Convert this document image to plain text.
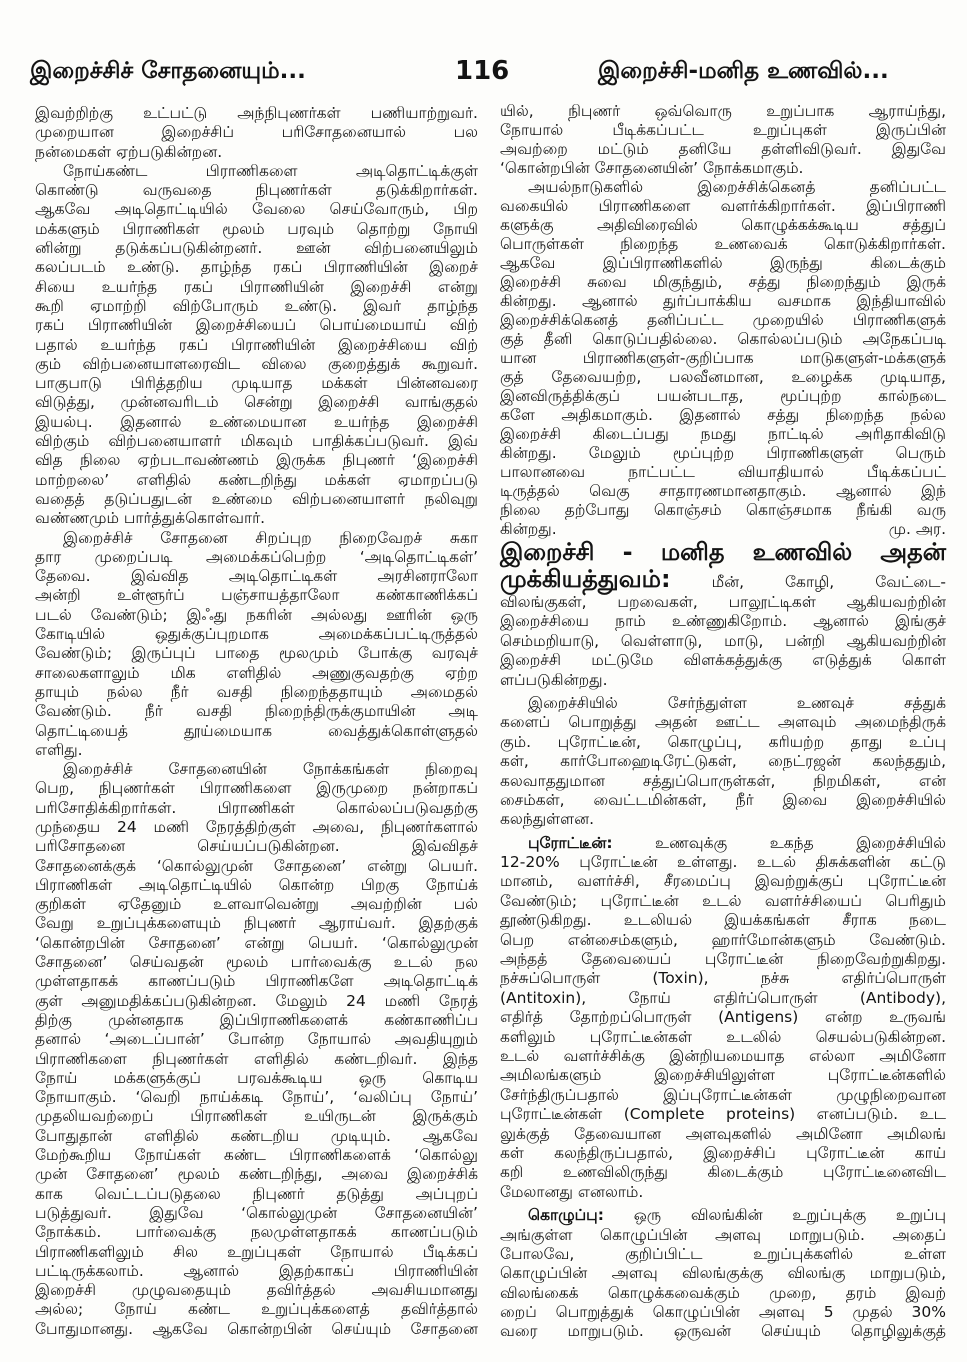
இறைச்சிச் சோதனையும்...	116	இறைச்சி-மனித உணவில்...
இவற்றிற்கு உட்பட்டு அந்நிபுணர்கள் பணியாற்றுவர்.
முறையான இறைச்சிப் பரிசோதனையால் பல
நன்மைகள் ஏற்படுகின்றன.
நோய்கண்ட பிராணிகளை அடிதொட்டிக்குள்
கொண்டு வருவதை நிபுணர்கள் தடுக்கிறார்கள்.
ஆகவே அடிதொட்டியில் வேலை செய்வோரும், பிற
மக்களும் பிராணிகள் மூலம் பரவும் தொற்று நோயி
னின்று தடுக்கப்படுகின்றனர். ஊன் விற்பனையிலும்
கலப்படம் உண்டு. தாழ்ந்த ரகப் பிராணியின் இறைச்
சியை உயர்ந்த ரகப் பிராணியின் இறைச்சி என்று
கூறி ஏமாற்றி விற்போரும் உண்டு. இவர் தாழ்ந்த
ரகப் பிராணியின் இறைச்சியைப் பொய்மையாய் விற்
பதால் உயர்ந்த ரகப் பிராணியின் இறைச்சியை விற்
கும் விற்பனையாளரைவிட விலை குறைத்துக் கூறுவர்.
பாகுபாடு பிரித்தறிய முடியாத மக்கள் பின்னவரை
விடுத்து, முன்னவரிடம் சென்று இறைச்சி வாங்குதல்
இயல்பு. இதனால் உண்மையான உயர்ந்த இறைச்சி
விற்கும் விற்பனையாளர் மிகவும் பாதிக்கப்படுவர். இவ்
வித நிலை ஏற்படாவண்ணம் இருக்க நிபுணர் ‘இறைச்சி
மாற்றலை’ எளிதில் கண்டறிந்து மக்கள் ஏமாறப்படு
வதைத் தடுப்பதுடன் உண்மை விற்பனையாளர் நலிவுறு
வண்ணமும் பார்த்துக்கொள்வார்.
இறைச்சிச் சோதனை சிறப்புற நிறைவேறச் சுகா
தார முறைப்படி அமைக்கப்பெற்ற ‘அடிதொட்டிகள்’
தேவை. இவ்வித அடிதொட்டிகள் அரசினராலோ
அன்றி உள்ளூர்ப் பஞ்சாயத்தாலோ கண்காணிக்கப்
படல் வேண்டும்; இஃது நகரின் அல்லது ஊரின் ஒரு
கோடியில் ஒதுக்குப்புறமாக அமைக்கப்பட்டிருத்தல்
வேண்டும்; இருப்புப் பாதை மூலமும் போக்கு வரவுச்
சாலைகளாலும் மிக எளிதில் அணுகுவதற்கு ஏற்ற
தாயும் நல்ல நீர் வசதி நிறைந்ததாயும் அமைதல்
வேண்டும். நீர் வசதி நிறைந்திருக்குமாயின் அடி
தொட்டியைத் தூய்மையாக வைத்துக்கொள்ளுதல்
எளிது.
இறைச்சிச் சோதனையின் நோக்கங்கள் நிறைவு
பெற, நிபுணர்கள் பிராணிகளை இருமுறை நன்றாகப்
பரிசோதிக்கிறார்கள். பிராணிகள் கொல்லப்படுவதற்கு
முந்தைய 24 மணி நேரத்திற்குள் அவை, நிபுணர்களால்
பரிசோதனை செய்யப்படுகின்றன. இவ்விதச்
சோதனைக்குக் ‘கொல்லுமுன் சோதனை’ என்று பெயர்.
பிராணிகள் அடிதொட்டியில் கொன்ற பிறகு நோய்க்
குறிகள் ஏதேனும் உளவாவென்று அவற்றின் பல்
வேறு உறுப்புக்களையும் நிபுணர் ஆராய்வர். இதற்குக்
‘கொன்றபின் சோதனை’ என்று பெயர். ‘கொல்லுமுன்
சோதனை’ செய்வதன் மூலம் பார்வைக்கு உடல் நல
முள்ளதாகக் காணப்படும் பிராணிகளே அடிதொட்டிக்
குள் அனுமதிக்கப்படுகின்றன. மேலும் 24 மணி நேரத்
திற்கு முன்னதாக இப்பிராணிகளைக் கண்காணிப்ப
தனால் ‘அடைப்பான்’ போன்ற நோயால் அவதியுறும்
பிராணிகளை நிபுணர்கள் எளிதில் கண்டறிவர். இந்த
நோய் மக்களுக்குப் பரவக்கூடிய ஒரு கொடிய
நோயாகும். ‘வெறி நாய்க்கடி நோய்’, ‘வலிப்பு நோய்’
முதலியவற்றைப் பிராணிகள் உயிருடன் இருக்கும்
போதுதான் எளிதில் கண்டறிய முடியும். ஆகவே
மேற்கூறிய நோய்கள் கண்ட பிராணிகளைக் ‘கொல்லு
முன் சோதனை’ மூலம் கண்டறிந்து, அவை இறைச்சிக்
காக வெட்டப்படுதலை நிபுணர் தடுத்து அப்புறப்
படுத்துவர். இதுவே ‘கொல்லுமுன் சோதனையின்’
நோக்கம். பார்வைக்கு நலமுள்ளதாகக் காணப்படும்
பிராணிகளிலும் சில உறுப்புகள் நோயால் பீடிக்கப்
பட்டிருக்கலாம். ஆனால் இதற்காகப் பிராணியின்
இறைச்சி முழுவதையும் தவிர்த்தல் அவசியமானது
அல்ல; நோய் கண்ட உறுப்புக்களைத் தவிர்த்தால்
போதுமானது. ஆகவே கொன்றபின் செய்யும் சோதனை
யில், நிபுணர் ஒவ்வொரு உறுப்பாக ஆராய்ந்து,
நோயால் பீடிக்கப்பட்ட உறுப்புகள் இருப்பின்
அவற்றை மட்டும் தனியே தள்ளிவிடுவர். இதுவே
‘கொன்றபின் சோதனையின்’ நோக்கமாகும்.
அயல்நாடுகளில் இறைச்சிக்கெனத் தனிப்பட்ட
வகையில் பிராணிகளை வளர்க்கிறார்கள். இப்பிராணி
களுக்கு அதிவிரைவில் கொழுக்கக்கூடிய சத்துப்
பொருள்கள் நிறைந்த உணவைக் கொடுக்கிறார்கள்.
ஆகவே இப்பிராணிகளில் இருந்து கிடைக்கும்
இறைச்சி சுவை மிகுந்தும், சத்து நிறைந்தும் இருக்
கின்றது. ஆனால் துர்ப்பாக்கிய வசமாக இந்தியாவில்
இறைச்சிக்கெனத் தனிப்பட்ட முறையில் பிராணிகளுக்
குத் தீனி கொடுப்பதில்லை. கொல்லப்படும் அநேகப்படி
யான பிராணிகளுள்-குறிப்பாக மாடுகளுள்-மக்களுக்
குத் தேவையற்ற, பலவீனமான, உழைக்க முடியாத,
இனவிருத்திக்குப் பயன்படாத, மூப்புற்ற கால்நடை
களே அதிகமாகும். இதனால் சத்து நிறைந்த நல்ல
இறைச்சி கிடைப்பது நமது நாட்டில் அரிதாகிவிடு
கின்றது. மேலும் மூப்புற்ற பிராணிகளுள் பெரும்
பாலானவை நாட்பட்ட வியாதியால் பீடிக்கப்பட்
டிருத்தல் வெகு சாதாரணமானதாகும். ஆனால் இந்
நிலை தற்போது கொஞ்சம் கொஞ்சமாக நீங்கி வரு
கின்றது.	மு. அர.
இறைச்சி - மனித உணவில் அதன்
முக்கியத்துவம்:	மீன், கோழி, வேட்டை-
விலங்குகள், பறவைகள், பாலூட்டிகள் ஆகியவற்றின்
இறைச்சியை நாம் உண்ணுகிறோம். ஆனால் இங்குச்
செம்மறியாடு, வெள்ளாடு, மாடு, பன்றி ஆகியவற்றின்
இறைச்சி மட்டுமே விளக்கத்துக்கு எடுத்துக் கொள்
ளப்படுகின்றது.
இறைச்சியில் சேர்ந்துள்ள உணவுச் சத்துக்
களைப் பொறுத்து அதன் ஊட்ட அளவும் அமைந்திருக்
கும். புரோட்டீன், கொழுப்பு, கரியற்ற தாது உப்பு
கள், கார்போஹைடிரேட்டுகள், நைட்ரஜன் கலந்ததும்,
கலவாததுமான சத்துப்பொருள்கள், நிறமிகள், என்
சைம்கள், வைட்டமின்கள், நீர் இவை இறைச்சியில்
கலந்துள்ளன.
புரோட்டீன்:	உணவுக்கு உகந்த இறைச்சியில்
12-20% புரோட்டீன் உள்ளது. உடல் திசுக்களின் கட்டு
மானம், வளர்ச்சி, சீரமைப்பு இவற்றுக்குப் புரோட்டீன்
வேண்டும்; புரோட்டீன் உடல் வளர்ச்சியைப் பெரிதும்
தூண்டுகிறது. உடலியல் இயக்கங்கள் சீராக நடை
பெற என்சைம்களும், ஹார்மோன்களும் வேண்டும்.
அந்தத் தேவையைப் புரோட்டீன் நிறைவேற்றுகிறது.
நச்சுப்பொருள் (Toxin), நச்சு எதிர்ப்பொருள்
(Antitoxin), நோய் எதிர்ப்பொருள் (Antibody),
எதிர்த் தோற்றப்பொருள் (Antigens) என்ற உருவங்
களிலும் புரோட்டீன்கள் உடலில் செயல்படுகின்றன.
உடல் வளர்ச்சிக்கு இன்றியமையாத எல்லா அமினோ
அமிலங்களும் இறைச்சியிலுள்ள புரோட்டீன்களில்
சேர்ந்திருப்பதால் இப்புரோட்டீன்கள் முழுநிறைவான
புரோட்டீன்கள் (Complete proteins) எனப்படும். உட
லுக்குத் தேவையான அளவுகளில் அமினோ அமிலங்
கள் கலந்திருப்பதால், இறைச்சிப் புரோட்டீன் காய்
கறி உணவிலிருந்து கிடைக்கும் புரோட்டீனைவிட
மேலானது எனலாம்.
கொழுப்பு: ஒரு விலங்கின் உறுப்புக்கு உறுப்பு
அங்குள்ள கொழுப்பின் அளவு மாறுபடும். அதைப்
போலவே, குறிப்பிட்ட உறுப்புக்களில் உள்ள
கொழுப்பின் அளவு விலங்குக்கு விலங்கு மாறுபடும்,
விலங்கைக் கொழுக்கவைக்கும் முறை, தரம் இவற்
றைப் பொறுத்துக் கொழுப்பின் அளவு 5 முதல் 30%
வரை மாறுபடும். ஒருவன் செய்யும் தொழிலுக்குத்
